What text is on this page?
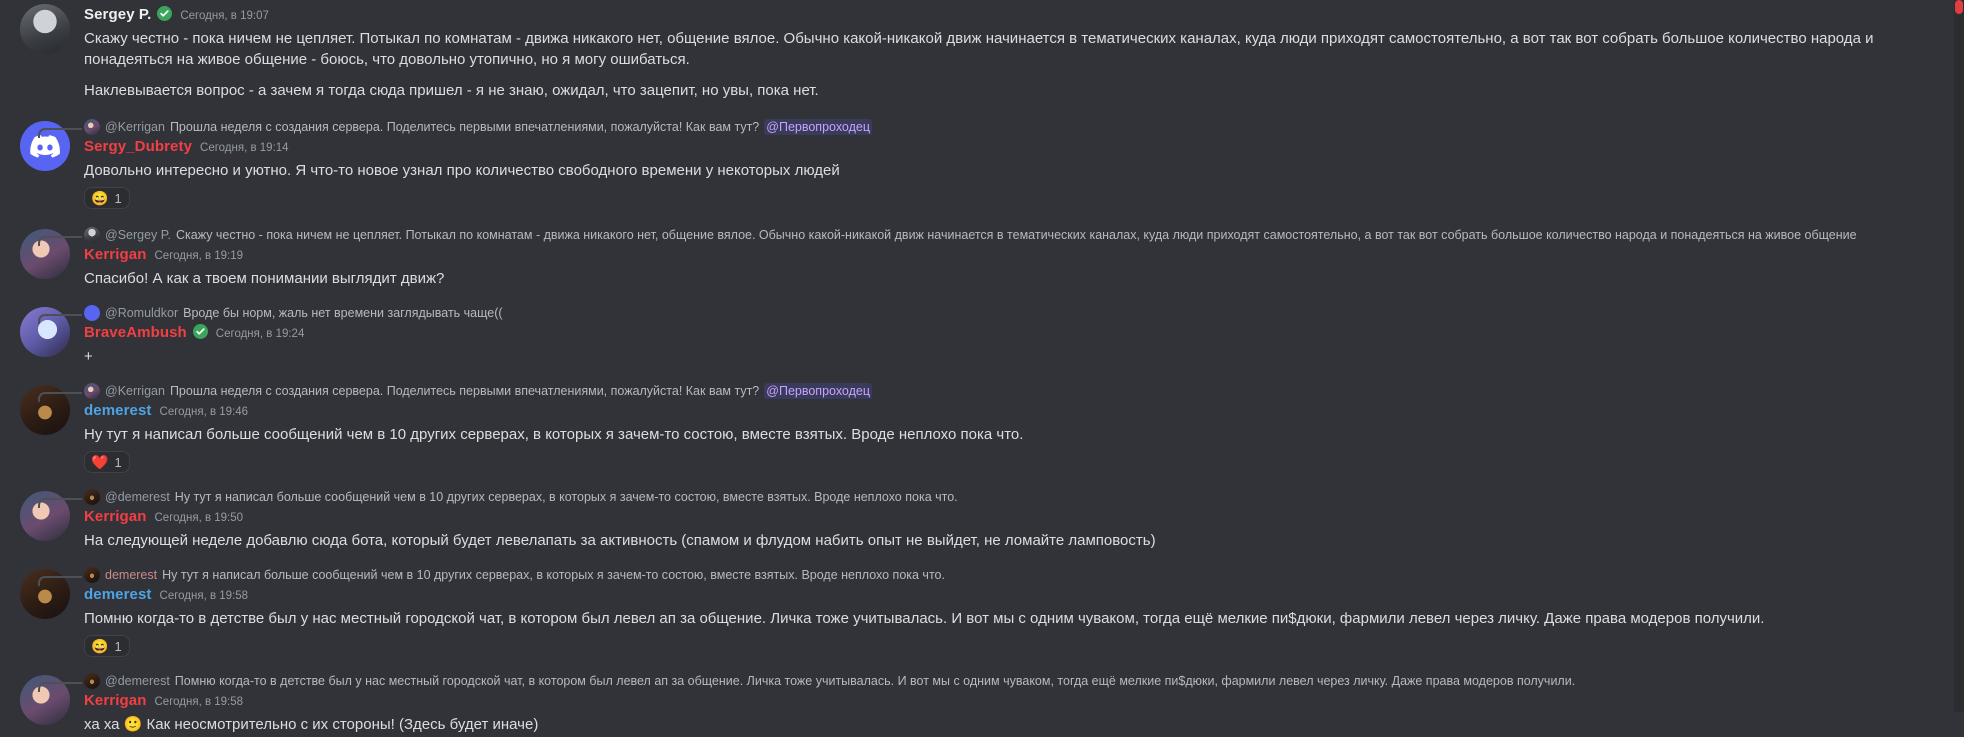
Sergey P.	Сегодня, в 19:07
Скажу честно - пока ничем не цепляет. Потыкал по комнатам - движа никакого нет, общение вялое. Обычно какой-никакой движ начинается в тематических каналах, куда люди приходят самостоятельно, а вот так вот собрать большое количество народа и понадеяться на живое общение - боюсь, что довольно утопично, но я могу ошибаться.
Наклевывается вопрос - а зачем я тогда сюда пришел - я не знаю, ожидал, что зацепит, но увы, пока нет.
@Kerrigan Прошла неделя с создания сервера. Поделитесь первыми впечатлениями, пожалуйста! Как вам тут? @Первопроходец
Sergy_Dubrety Сегодня, в 19:14
Довольно интересно и уютно. Я что-то новое узнал про количество свободного времени у некоторых людей
😄 1
@Sergey P. Скажу честно - пока ничем не цепляет. Потыкал по комнатам - движа никакого нет, общение вялое. Обычно какой-никакой движ начинается в тематических каналах, куда люди приходят самостоятельно, а вот так вот собрать большое количество народа и понадеяться на живое общение
Kerrigan Сегодня, в 19:19
Спасибо! А как а твоем понимании выглядит движ?
@Romuldkor Вроде бы норм, жаль нет времени заглядывать чаще((
BraveAmbush	Сегодня, в 19:24
+
@Kerrigan Прошла неделя с создания сервера. Поделитесь первыми впечатлениями, пожалуйста! Как вам тут? @Первопроходец
demerest Сегодня, в 19:46
Ну тут я написал больше сообщений чем в 10 других серверах, в которых я зачем-то состою, вместе взятых. Вроде неплохо пока что.
❤️ 1
@demerest Ну тут я написал больше сообщений чем в 10 других серверах, в которых я зачем-то состою, вместе взятых. Вроде неплохо пока что.
Kerrigan Сегодня, в 19:50
На следующей неделе добавлю сюда бота, который будет левелапать за активность (спамом и флудом набить опыт не выйдет, не ломайте ламповость)
demerest Ну тут я написал больше сообщений чем в 10 других серверах, в которых я зачем-то состою, вместе взятых. Вроде неплохо пока что.
demerest Сегодня, в 19:58
Помню когда-то в детстве был у нас местный городской чат, в котором был левел ап за общение. Личка тоже учитывалась. И вот мы с одним чуваком, тогда ещё мелкие пи$дюки, фармили левел через личку. Даже права модеров получили.
😄 1
@demerest Помню когда-то в детстве был у нас местный городской чат, в котором был левел ап за общение. Личка тоже учитывалась. И вот мы с одним чуваком, тогда ещё мелкие пи$дюки, фармили левел через личку. Даже права модеров получили.
Kerrigan Сегодня, в 19:58
ха ха 🙂 Как неосмотрительно с их стороны! (Здесь будет иначе)
